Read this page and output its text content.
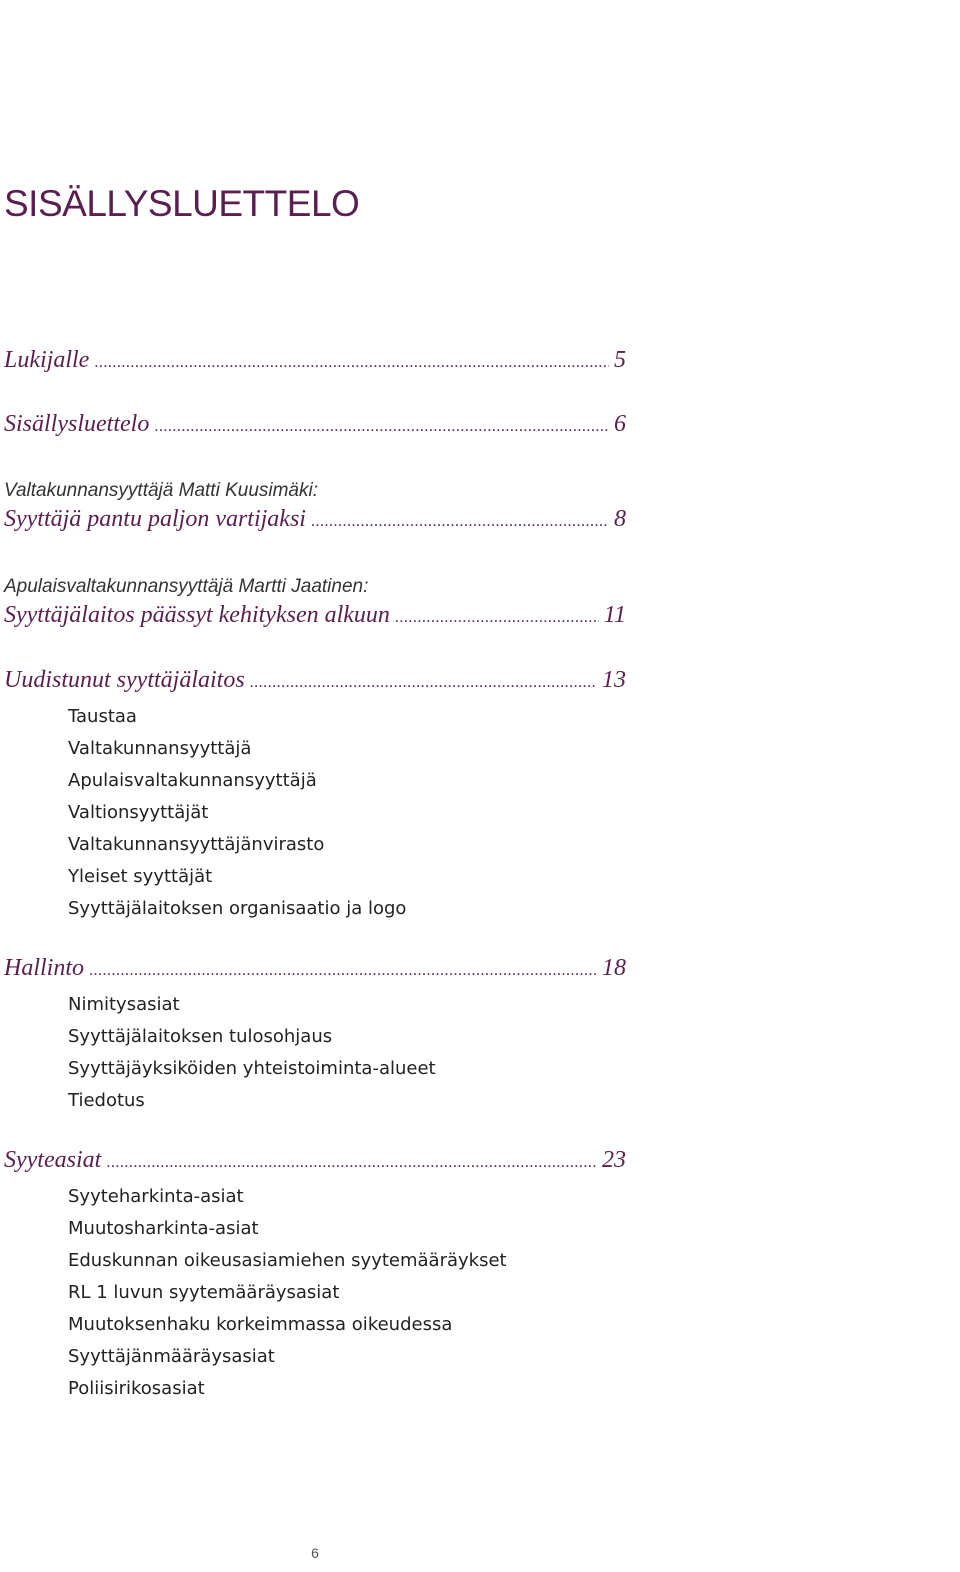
SISÄLLYSLUETTELO
Lukijalle .....	5
Sisällysluettelo .....	6
Valtakunnansyyttäjä Matti Kuusimäki:
Syyttäjä pantu paljon vartijaksi .....	8
Apulaisvaltakunnansyyttäjä Martti Jaatinen:
Syyttäjälaitos päässyt kehityksen alkuun .....	11
Uudistunut syyttäjälaitos .....	13
Taustaa
Valtakunnansyyttäjä
Apulaisvaltakunnansyyttäjä
Valtionsyyttäjät
Valtakunnansyyttäjänvirasto
Yleiset syyttäjät
Syyttäjälaitoksen organisaatio ja logo
Hallinto .....	18
Nimitysasiat
Syyttäjälaitoksen tulosohjaus
Syyttäjäyksiköiden yhteistoiminta-alueet
Tiedotus
Syyteasiat .....	23
Syyteharkinta-asiat
Muutosharkinta-asiat
Eduskunnan oikeusasiamiehen syytemääräykset
RL 1 luvun syytemääräysasiat
Muutoksenhaku korkeimmassa oikeudessa
Syyttäjänmääräysasiat
Poliisirikosasiat
6
